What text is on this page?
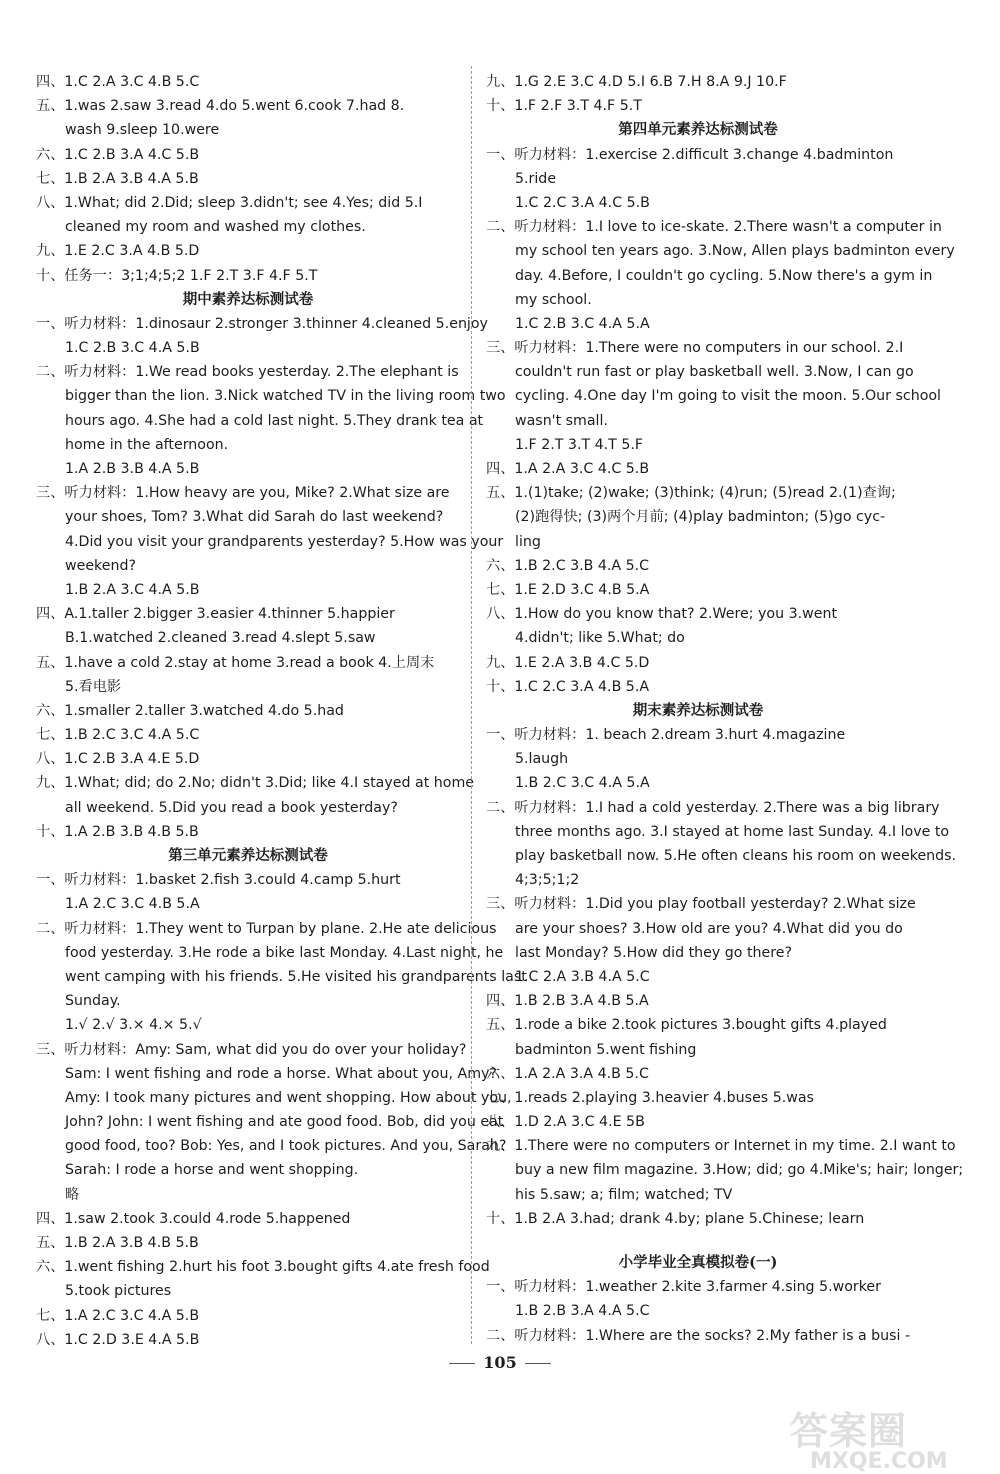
四、1.C 2.A 3.C 4.B 5.C
五、1.was 2.saw 3.read 4.do 5.went 6.cook 7.had 8.
wash 9.sleep 10.were
六、1.C 2.B 3.A 4.C 5.B
七、1.B 2.A 3.B 4.A 5.B
八、1.What; did 2.Did; sleep 3.didn't; see 4.Yes; did 5.I
cleaned my room and washed my clothes.
九、1.E 2.C 3.A 4.B 5.D
十、任务一：3;1;4;5;2 1.F 2.T 3.F 4.F 5.T
期中素养达标测试卷
一、听力材料：1.dinosaur 2.stronger 3.thinner 4.cleaned 5.enjoy
1.C 2.B 3.C 4.A 5.B
二、听力材料：1.We read books yesterday. 2.The elephant is
bigger than the lion. 3.Nick watched TV in the living room two
hours ago. 4.She had a cold last night. 5.They drank tea at
home in the afternoon.
1.A 2.B 3.B 4.A 5.B
三、听力材料：1.How heavy are you, Mike? 2.What size are
your shoes, Tom? 3.What did Sarah do last weekend?
4.Did you visit your grandparents yesterday? 5.How was your
weekend?
1.B 2.A 3.C 4.A 5.B
四、A.1.taller 2.bigger 3.easier 4.thinner 5.happier
B.1.watched 2.cleaned 3.read 4.slept 5.saw
五、1.have a cold 2.stay at home 3.read a book 4.上周末
5.看电影
六、1.smaller 2.taller 3.watched 4.do 5.had
七、1.B 2.C 3.C 4.A 5.C
八、1.C 2.B 3.A 4.E 5.D
九、1.What; did; do 2.No; didn't 3.Did; like 4.I stayed at home
all weekend. 5.Did you read a book yesterday?
十、1.A 2.B 3.B 4.B 5.B
第三单元素养达标测试卷
一、听力材料：1.basket 2.fish 3.could 4.camp 5.hurt
1.A 2.C 3.C 4.B 5.A
二、听力材料：1.They went to Turpan by plane. 2.He ate delicious
food yesterday. 3.He rode a bike last Monday. 4.Last night, he
went camping with his friends. 5.He visited his grandparents last
Sunday.
1.√ 2.√ 3.× 4.× 5.√
三、听力材料：Amy: Sam, what did you do over your holiday?
Sam: I went fishing and rode a horse. What about you, Amy?
Amy: I took many pictures and went shopping. How about you,
John? John: I went fishing and ate good food. Bob, did you eat
good food, too? Bob: Yes, and I took pictures. And you, Sarah?
Sarah: I rode a horse and went shopping.
略
四、1.saw 2.took 3.could 4.rode 5.happened
五、1.B 2.A 3.B 4.B 5.B
六、1.went fishing 2.hurt his foot 3.bought gifts 4.ate fresh food
5.took pictures
七、1.A 2.C 3.C 4.A 5.B
八、1.C 2.D 3.E 4.A 5.B
九、1.G 2.E 3.C 4.D 5.I 6.B 7.H 8.A 9.J 10.F
十、1.F 2.F 3.T 4.F 5.T
第四单元素养达标测试卷
一、听力材料：1.exercise 2.difficult 3.change 4.badminton
5.ride
1.C 2.C 3.A 4.C 5.B
二、听力材料：1.I love to ice-skate. 2.There wasn't a computer in
my school ten years ago. 3.Now, Allen plays badminton every
day. 4.Before, I couldn't go cycling. 5.Now there's a gym in
my school.
1.C 2.B 3.C 4.A 5.A
三、听力材料：1.There were no computers in our school. 2.I
couldn't run fast or play basketball well. 3.Now, I can go
cycling. 4.One day I'm going to visit the moon. 5.Our school
wasn't small.
1.F 2.T 3.T 4.T 5.F
四、1.A 2.A 3.C 4.C 5.B
五、1.(1)take; (2)wake; (3)think; (4)run; (5)read 2.(1)查询;
(2)跑得快; (3)两个月前; (4)play badminton; (5)go cyc-
ling
六、1.B 2.C 3.B 4.A 5.C
七、1.E 2.D 3.C 4.B 5.A
八、1.How do you know that? 2.Were; you 3.went
4.didn't; like 5.What; do
九、1.E 2.A 3.B 4.C 5.D
十、1.C 2.C 3.A 4.B 5.A
期末素养达标测试卷
一、听力材料：1. beach 2.dream 3.hurt 4.magazine
5.laugh
1.B 2.C 3.C 4.A 5.A
二、听力材料：1.I had a cold yesterday. 2.There was a big library
three months ago. 3.I stayed at home last Sunday. 4.I love to
play basketball now. 5.He often cleans his room on weekends.
4;3;5;1;2
三、听力材料：1.Did you play football yesterday? 2.What size
are your shoes? 3.How old are you? 4.What did you do
last Monday? 5.How did they go there?
1.C 2.A 3.B 4.A 5.C
四、1.B 2.B 3.A 4.B 5.A
五、1.rode a bike 2.took pictures 3.bought gifts 4.played
badminton 5.went fishing
六、1.A 2.A 3.A 4.B 5.C
七、1.reads 2.playing 3.heavier 4.buses 5.was
八、1.D 2.A 3.C 4.E 5B
九、1.There were no computers or Internet in my time. 2.I want to
buy a new film magazine. 3.How; did; go 4.Mike's; hair; longer;
his 5.saw; a; film; watched; TV
十、1.B 2.A 3.had; drank 4.by; plane 5.Chinese; learn
小学毕业全真模拟卷(一)
一、听力材料：1.weather 2.kite 3.farmer 4.sing 5.worker
1.B 2.B 3.A 4.A 5.C
二、听力材料：1.Where are the socks? 2.My father is a busi -
105
答案圈
MXQE.COM
